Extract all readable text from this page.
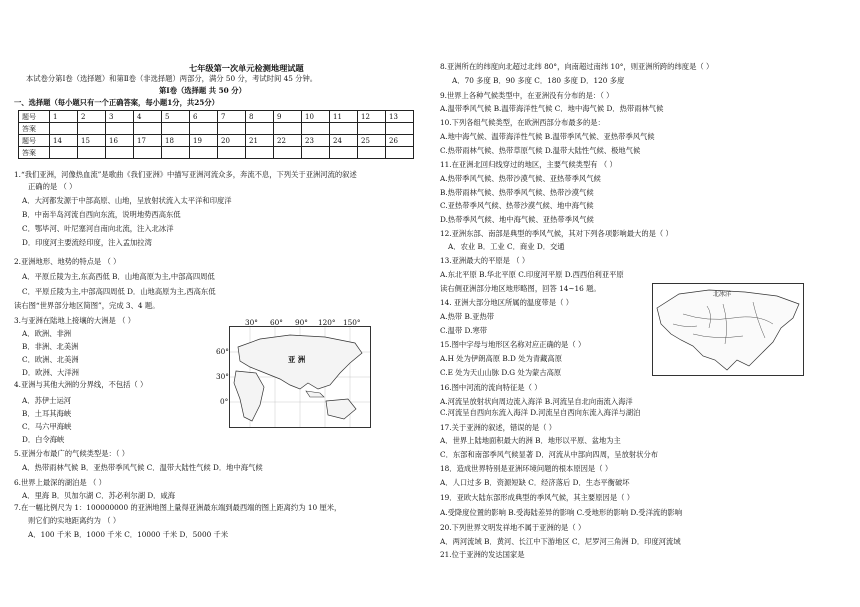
七年级第一次单元检测地理试题
本试卷分第Ⅰ卷（选择题）和第Ⅱ卷（非选择题）两部分，满分 50 分，考试时间 45 分钟。
第Ⅰ卷（选择题 共 50 分）
一、选择题（每小题只有一个正确答案，每小题1分，共25分）
题号	1	2	3	4	5	6	7	8	9	10	11	12	13
答案													
题号	14	15	16	17	18	19	20	21	22	23	24	25	26
答案													
1.“我们亚洲，河像热血流”是歌曲《我们亚洲》中描写亚洲河流众多，奔流不息，下列关于亚洲河流的叙述
正确的是 （ ）
A．大河都发源于中部高原、山地，呈放射状流入太平洋和印度洋
B．中南半岛河流自西向东流，说明地势西高东低
C．鄂毕河、叶尼塞河自南向北流，注入北冰洋
D．印度河主要流经印度，注入孟加拉湾
2.亚洲地形、地势的特点是 （ ）
A．平原丘陵为主,东高西低 B．山地高原为主,中部高四周低
C．平原丘陵为主,中部高四周低 D．山地高原为主,西高东低
读右图“世界部分地区简图”，完成 3、4 题。
3.与亚洲在陆地上接壤的大洲是 （ ）
A．欧洲、非洲
B．非洲、北美洲
C．欧洲、北美洲
D．欧洲、大洋洲
4.亚洲与其他大洲的分界线，不包括（ ）
A．苏伊士运河
B．土耳其海峡
C．马六甲海峡
D．白令海峡
5.亚洲分布最广的气候类型是：（ ）
A．热带雨林气候 B．亚热带季风气候 C．温带大陆性气候 D．地中海气候
6.世界上最深的湖泊是 （ ）
A．里海 B．贝加尔湖 C．苏必利尔湖 D．咸海
7.在一幅比例尺为 1：100000000 的亚洲地图上量得亚洲最东端到最西端的图上距离约为 10 厘米，
则它们的实地距离约为 （ ）
A．100 千米 B．1000 千米 C．10000 千米 D．5000 千米
30° 60° 90° 120° 150°
60°
30°
0°
亚 洲
8.亚洲所在的纬度向北超过北纬 80°，向南超过南纬 10°，则亚洲所跨的纬度是（ ）
A．70 多度 B．90 多度 C．180 多度 D．120 多度
9.世界上各种气候类型中，在亚洲没有分布的是：（ ）
A.温带季风气候 B.温带海洋性气候 C．地中海气候 D．热带雨林气候
10.下列各组气候类型，在欧洲西部分布最多的是：
A.地中海气候、温带海洋性气候 B.温带季风气候、亚热带季风气候
C.热带雨林气候、热带草原气候 D.温带大陆性气候、极地气候
11.在亚洲北回归线穿过的地区，主要气候类型有 （ ）
A.热带季风气候、热带沙漠气候、亚热带季风气候
B.热带雨林气候、热带季风气候、热带沙漠气候
C.亚热带季风气候、热带沙漠气候、地中海气候
D.热带季风气候、地中海气候、亚热带季风气候
12.亚洲东部、南部是典型的季风气候，其对下列各项影响最大的是（ ）
A．农业 B．工业 C．商业 D．交通
13.亚洲最大的平原是 （ ）
A.东北平原 B.华北平原 C.印度河平原 D.西西伯利亚平原
读右侧亚洲部分地区地形略图，回答 14~16 题。
14. 亚洲大部分地区所属的温度带是（ ）
A.热带 B.亚热带
C.温带 D.寒带
15.图中字母与地形区名称对应正确的是（ ）
A.H 处为伊朗高原 B.D 处为青藏高原
C.E 处为天山山脉 D.G 处为蒙古高原
16.图中河流的流向特征是（ ）
A.河流呈放射状向周边流入海洋 B.河流呈自北向南流入海洋
C.河流呈自西向东流入海洋 D.河流呈自西向东流入海洋与湖泊
17.关于亚洲的叙述，错误的是（ ）
A．世界上陆地面积最大的洲 B．地形以平原、盆地为主
C．东部和南部季风气候显著 D．河流从中部向四周，呈放射状分布
18．造成世界特别是亚洲环境问题的根本原因是（ ）
A．人口过多 B．资源短缺 C．经济落后 D．生态平衡破坏
19．亚欧大陆东部形成典型的季风气候，其主要原因是（ ）
A.受降度位置的影响 B.受海陆差异的影响 C.受地形的影响 D.受洋流的影响
20.下列世界文明发祥地不属于亚洲的是（ ）
A．两河流域 B．黄河、长江中下游地区 C．尼罗河三角洲 D．印度河流域
21.位于亚洲的发达国家是
北冰洋
